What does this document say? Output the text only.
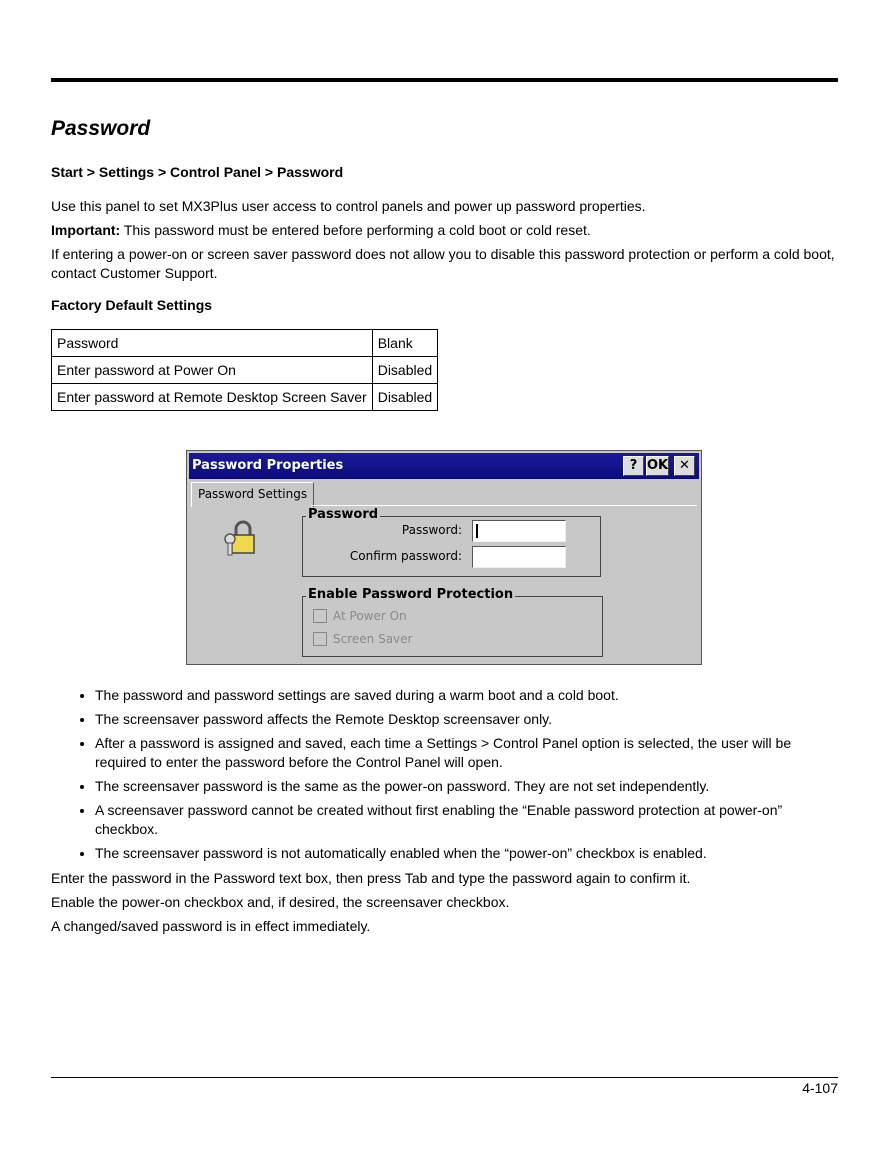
Password
Start > Settings > Control Panel > Password

Use this panel to set MX3Plus user access to control panels and power up password properties.

Important: This password must be entered before performing a cold boot or cold reset.

If entering a power-on or screen saver password does not allow you to disable this password protection or perform a cold boot, contact Customer Support.

Factory Default Settings
Password	Blank
Enter password at Power On	Disabled
Enter password at Remote Desktop Screen Saver	Disabled
Password Properties	? OK ✕
Password Settings
Password
Password:
Confirm password:
Enable Password Protection
At Power On
Screen Saver
• The password and password settings are saved during a warm boot and a cold boot.
• The screensaver password affects the Remote Desktop screensaver only.
• After a password is assigned and saved, each time a Settings > Control Panel option is selected, the user will be required to enter the password before the Control Panel will open.
• The screensaver password is the same as the power-on password. They are not set independently.
• A screensaver password cannot be created without first enabling the “Enable password protection at power-on” checkbox.
• The screensaver password is not automatically enabled when the “power-on” checkbox is enabled.

Enter the password in the Password text box, then press Tab and type the password again to confirm it.

Enable the power-on checkbox and, if desired, the screensaver checkbox.

A changed/saved password is in effect immediately.

4-107
